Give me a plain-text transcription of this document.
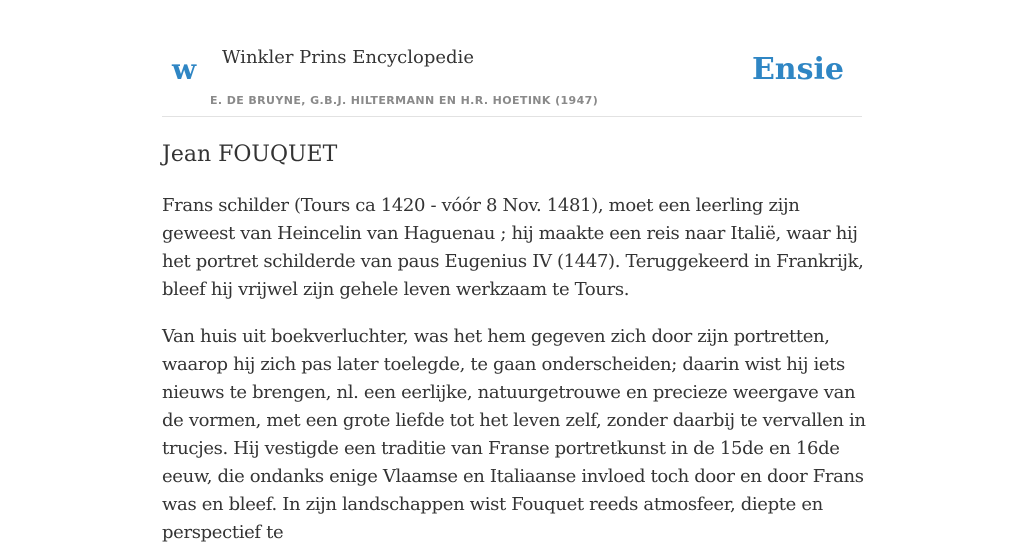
w Winkler Prins Encyclopedie
E. DE BRUYNE, G.B.J. HILTERMANN EN H.R. HOETINK (1947)
Ensie
Jean FOUQUET

Frans schilder (Tours ca 1420 - vóór 8 Nov. 1481), moet een leerling zijn geweest van Heincelin van Haguenau ; hij maakte een reis naar Italië, waar hij het portret schilderde van paus Eugenius IV (1447). Teruggekeerd in Frankrijk, bleef hij vrijwel zijn gehele leven werkzaam te Tours.

Van huis uit boekverluchter, was het hem gegeven zich door zijn portretten, waarop hij zich pas later toelegde, te gaan onderscheiden; daarin wist hij iets nieuws te brengen, nl. een eerlijke, natuurgetrouwe en precieze weergave van de vormen, met een grote liefde tot het leven zelf, zonder daarbij te vervallen in trucjes. Hij vestigde een traditie van Franse portretkunst in de 15de en 16de eeuw, die ondanks enige Vlaamse en Italiaanse invloed toch door en door Frans was en bleef. In zijn landschappen wist Fouquet reeds atmosfeer, diepte en perspectief te
